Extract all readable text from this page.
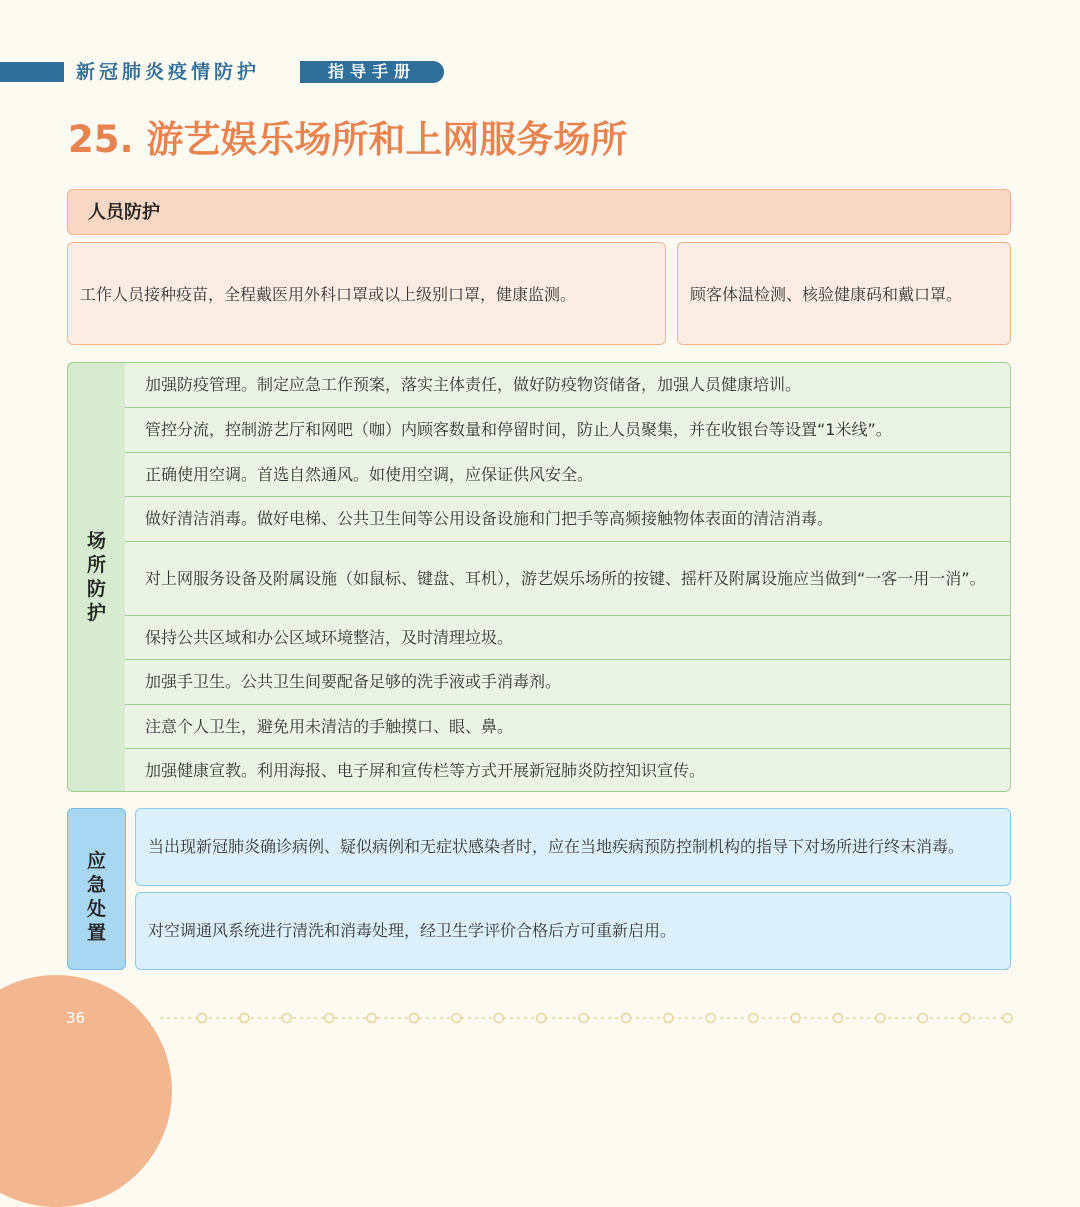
新冠肺炎疫情防护	指导手册
25. 游艺娱乐场所和上网服务场所
人员防护
工作人员接种疫苗，全程戴医用外科口罩或以上级别口罩，健康监测。	顾客体温检测、核验健康码和戴口罩。
场所防护
加强防疫管理。制定应急工作预案，落实主体责任，做好防疫物资储备，加强人员健康培训。
管控分流，控制游艺厅和网吧（咖）内顾客数量和停留时间，防止人员聚集，并在收银台等设置“1米线”。
正确使用空调。首选自然通风。如使用空调，应保证供风安全。
做好清洁消毒。做好电梯、公共卫生间等公用设备设施和门把手等高频接触物体表面的清洁消毒。
对上网服务设备及附属设施（如鼠标、键盘、耳机），游艺娱乐场所的按键、摇杆及附属设施应当做到“一客一用一消”。
保持公共区域和办公区域环境整洁，及时清理垃圾。
加强手卫生。公共卫生间要配备足够的洗手液或手消毒剂。
注意个人卫生，避免用未清洁的手触摸口、眼、鼻。
加强健康宣教。利用海报、电子屏和宣传栏等方式开展新冠肺炎防控知识宣传。
应急处置
当出现新冠肺炎确诊病例、疑似病例和无症状感染者时，应在当地疾病预防控制机构的指导下对场所进行终末消毒。
对空调通风系统进行清洗和消毒处理，经卫生学评价合格后方可重新启用。
36
